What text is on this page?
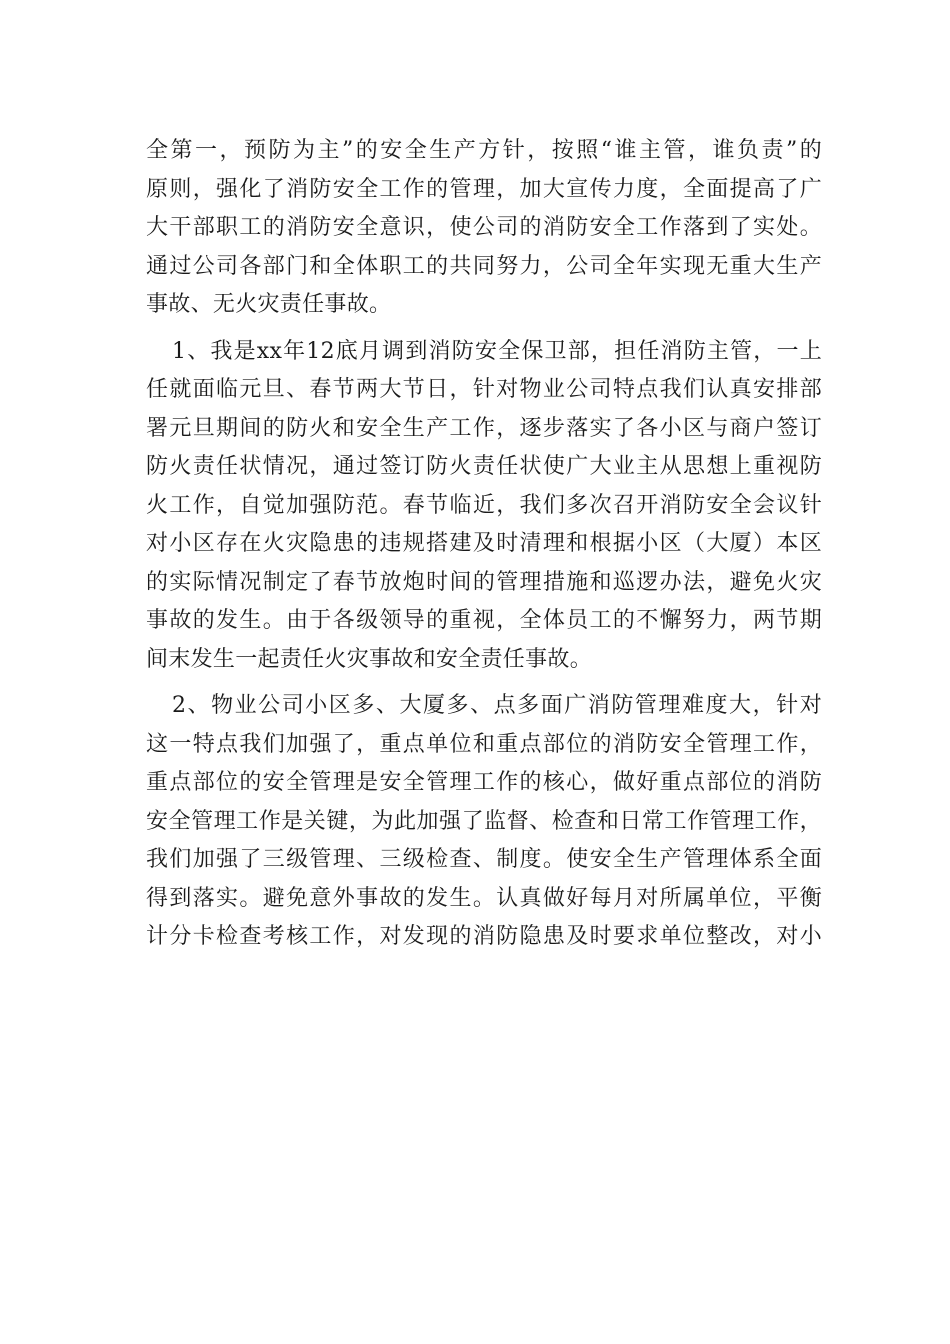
全第一，预防为主”的安全生产方针，按照“谁主管，谁负责”的
原则，强化了消防安全工作的管理，加大宣传力度，全面提高了广
大干部职工的消防安全意识，使公司的消防安全工作落到了实处。
通过公司各部门和全体职工的共同努力，公司全年实现无重大生产
事故、无火灾责任事故。
1、我是xx年12底月调到消防安全保卫部，担任消防主管，一上
任就面临元旦、春节两大节日，针对物业公司特点我们认真安排部
署元旦期间的防火和安全生产工作，逐步落实了各小区与商户签订
防火责任状情况，通过签订防火责任状使广大业主从思想上重视防
火工作，自觉加强防范。春节临近，我们多次召开消防安全会议针
对小区存在火灾隐患的违规搭建及时清理和根据小区（大厦）本区
的实际情况制定了春节放炮时间的管理措施和巡逻办法，避免火灾
事故的发生。由于各级领导的重视，全体员工的不懈努力，两节期
间末发生一起责任火灾事故和安全责任事故。
2、物业公司小区多、大厦多、点多面广消防管理难度大，针对
这一特点我们加强了，重点单位和重点部位的消防安全管理工作，
重点部位的安全管理是安全管理工作的核心，做好重点部位的消防
安全管理工作是关键，为此加强了监督、检查和日常工作管理工作，
我们加强了三级管理、三级检查、制度。使安全生产管理体系全面
得到落实。避免意外事故的发生。认真做好每月对所属单位，平衡
计分卡检查考核工作，对发现的消防隐患及时要求单位整改，对小
